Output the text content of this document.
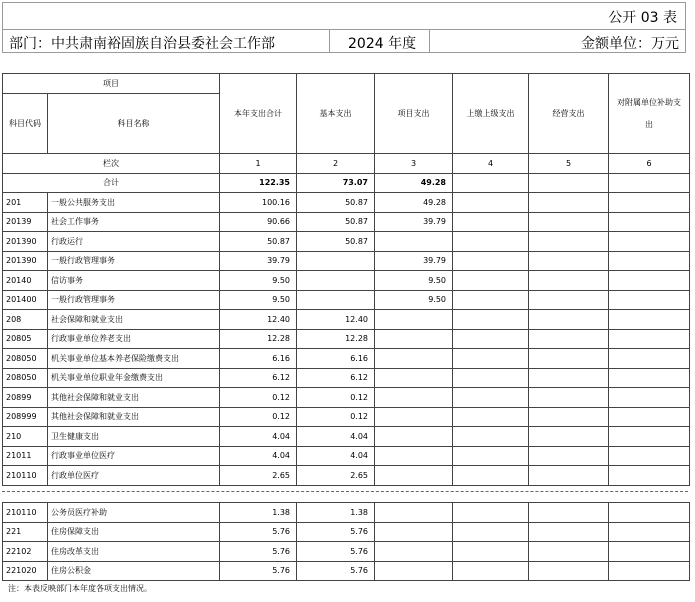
公开 03 表
部门：中共肃南裕固族自治县委社会工作部	2024 年度	金额单位：万元
项目		本年支出合计	基本支出	项目支出	上缴上级支出	经营支出	对附属单位补助支出
科目代码	科目名称						
栏次		1	2	3	4	5	6
合计		122.35	73.07	49.28			
201	一般公共服务支出	100.16	50.87	49.28			
20139	社会工作事务	90.66	50.87	39.79			
201390	行政运行	50.87	50.87				
201390	一般行政管理事务	39.79		39.79			
20140	信访事务	9.50		9.50			
201400	一般行政管理事务	9.50		9.50			
208	社会保障和就业支出	12.40	12.40				
20805	行政事业单位养老支出	12.28	12.28				
208050	机关事业单位基本养老保险缴费支出	6.16	6.16				
208050	机关事业单位职业年金缴费支出	6.12	6.12				
20899	其他社会保障和就业支出	0.12	0.12				
208999	其他社会保障和就业支出	0.12	0.12				
210	卫生健康支出	4.04	4.04				
21011	行政事业单位医疗	4.04	4.04				
210110	行政单位医疗	2.65	2.65				
210110	公务员医疗补助	1.38	1.38				
221	住房保障支出	5.76	5.76				
22102	住房改革支出	5.76	5.76				
221020	住房公积金	5.76	5.76				
注：本表反映部门本年度各项支出情况。
